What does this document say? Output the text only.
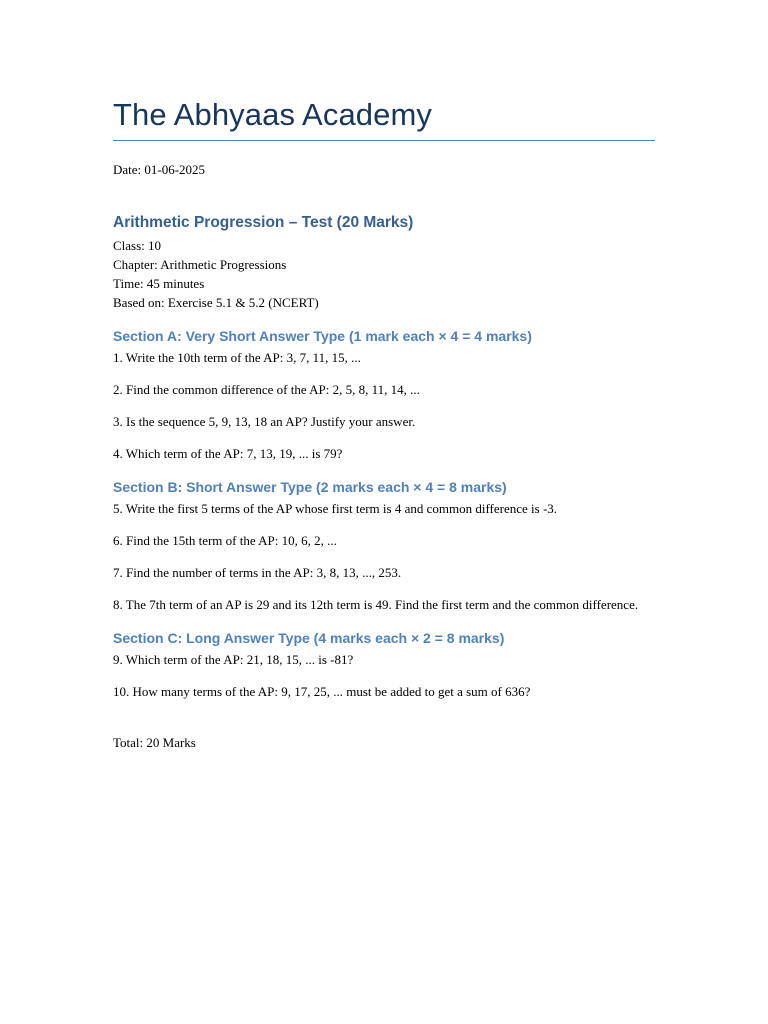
The Abhyaas Academy

Date: 01-06-2025

Arithmetic Progression – Test (20 Marks)

Class: 10

Chapter: Arithmetic Progressions

Time: 45 minutes

Based on: Exercise 5.1 & 5.2 (NCERT)

Section A: Very Short Answer Type (1 mark each × 4 = 4 marks)

1. Write the 10th term of the AP: 3, 7, 11, 15, ...

2. Find the common difference of the AP: 2, 5, 8, 11, 14, ...

3. Is the sequence 5, 9, 13, 18 an AP? Justify your answer.

4. Which term of the AP: 7, 13, 19, ... is 79?

Section B: Short Answer Type (2 marks each × 4 = 8 marks)

5. Write the first 5 terms of the AP whose first term is 4 and common difference is -3.

6. Find the 15th term of the AP: 10, 6, 2, ...

7. Find the number of terms in the AP: 3, 8, 13, ..., 253.

8. The 7th term of an AP is 29 and its 12th term is 49. Find the first term and the common difference.

Section C: Long Answer Type (4 marks each × 2 = 8 marks)

9. Which term of the AP: 21, 18, 15, ... is -81?

10. How many terms of the AP: 9, 17, 25, ... must be added to get a sum of 636?

Total: 20 Marks
